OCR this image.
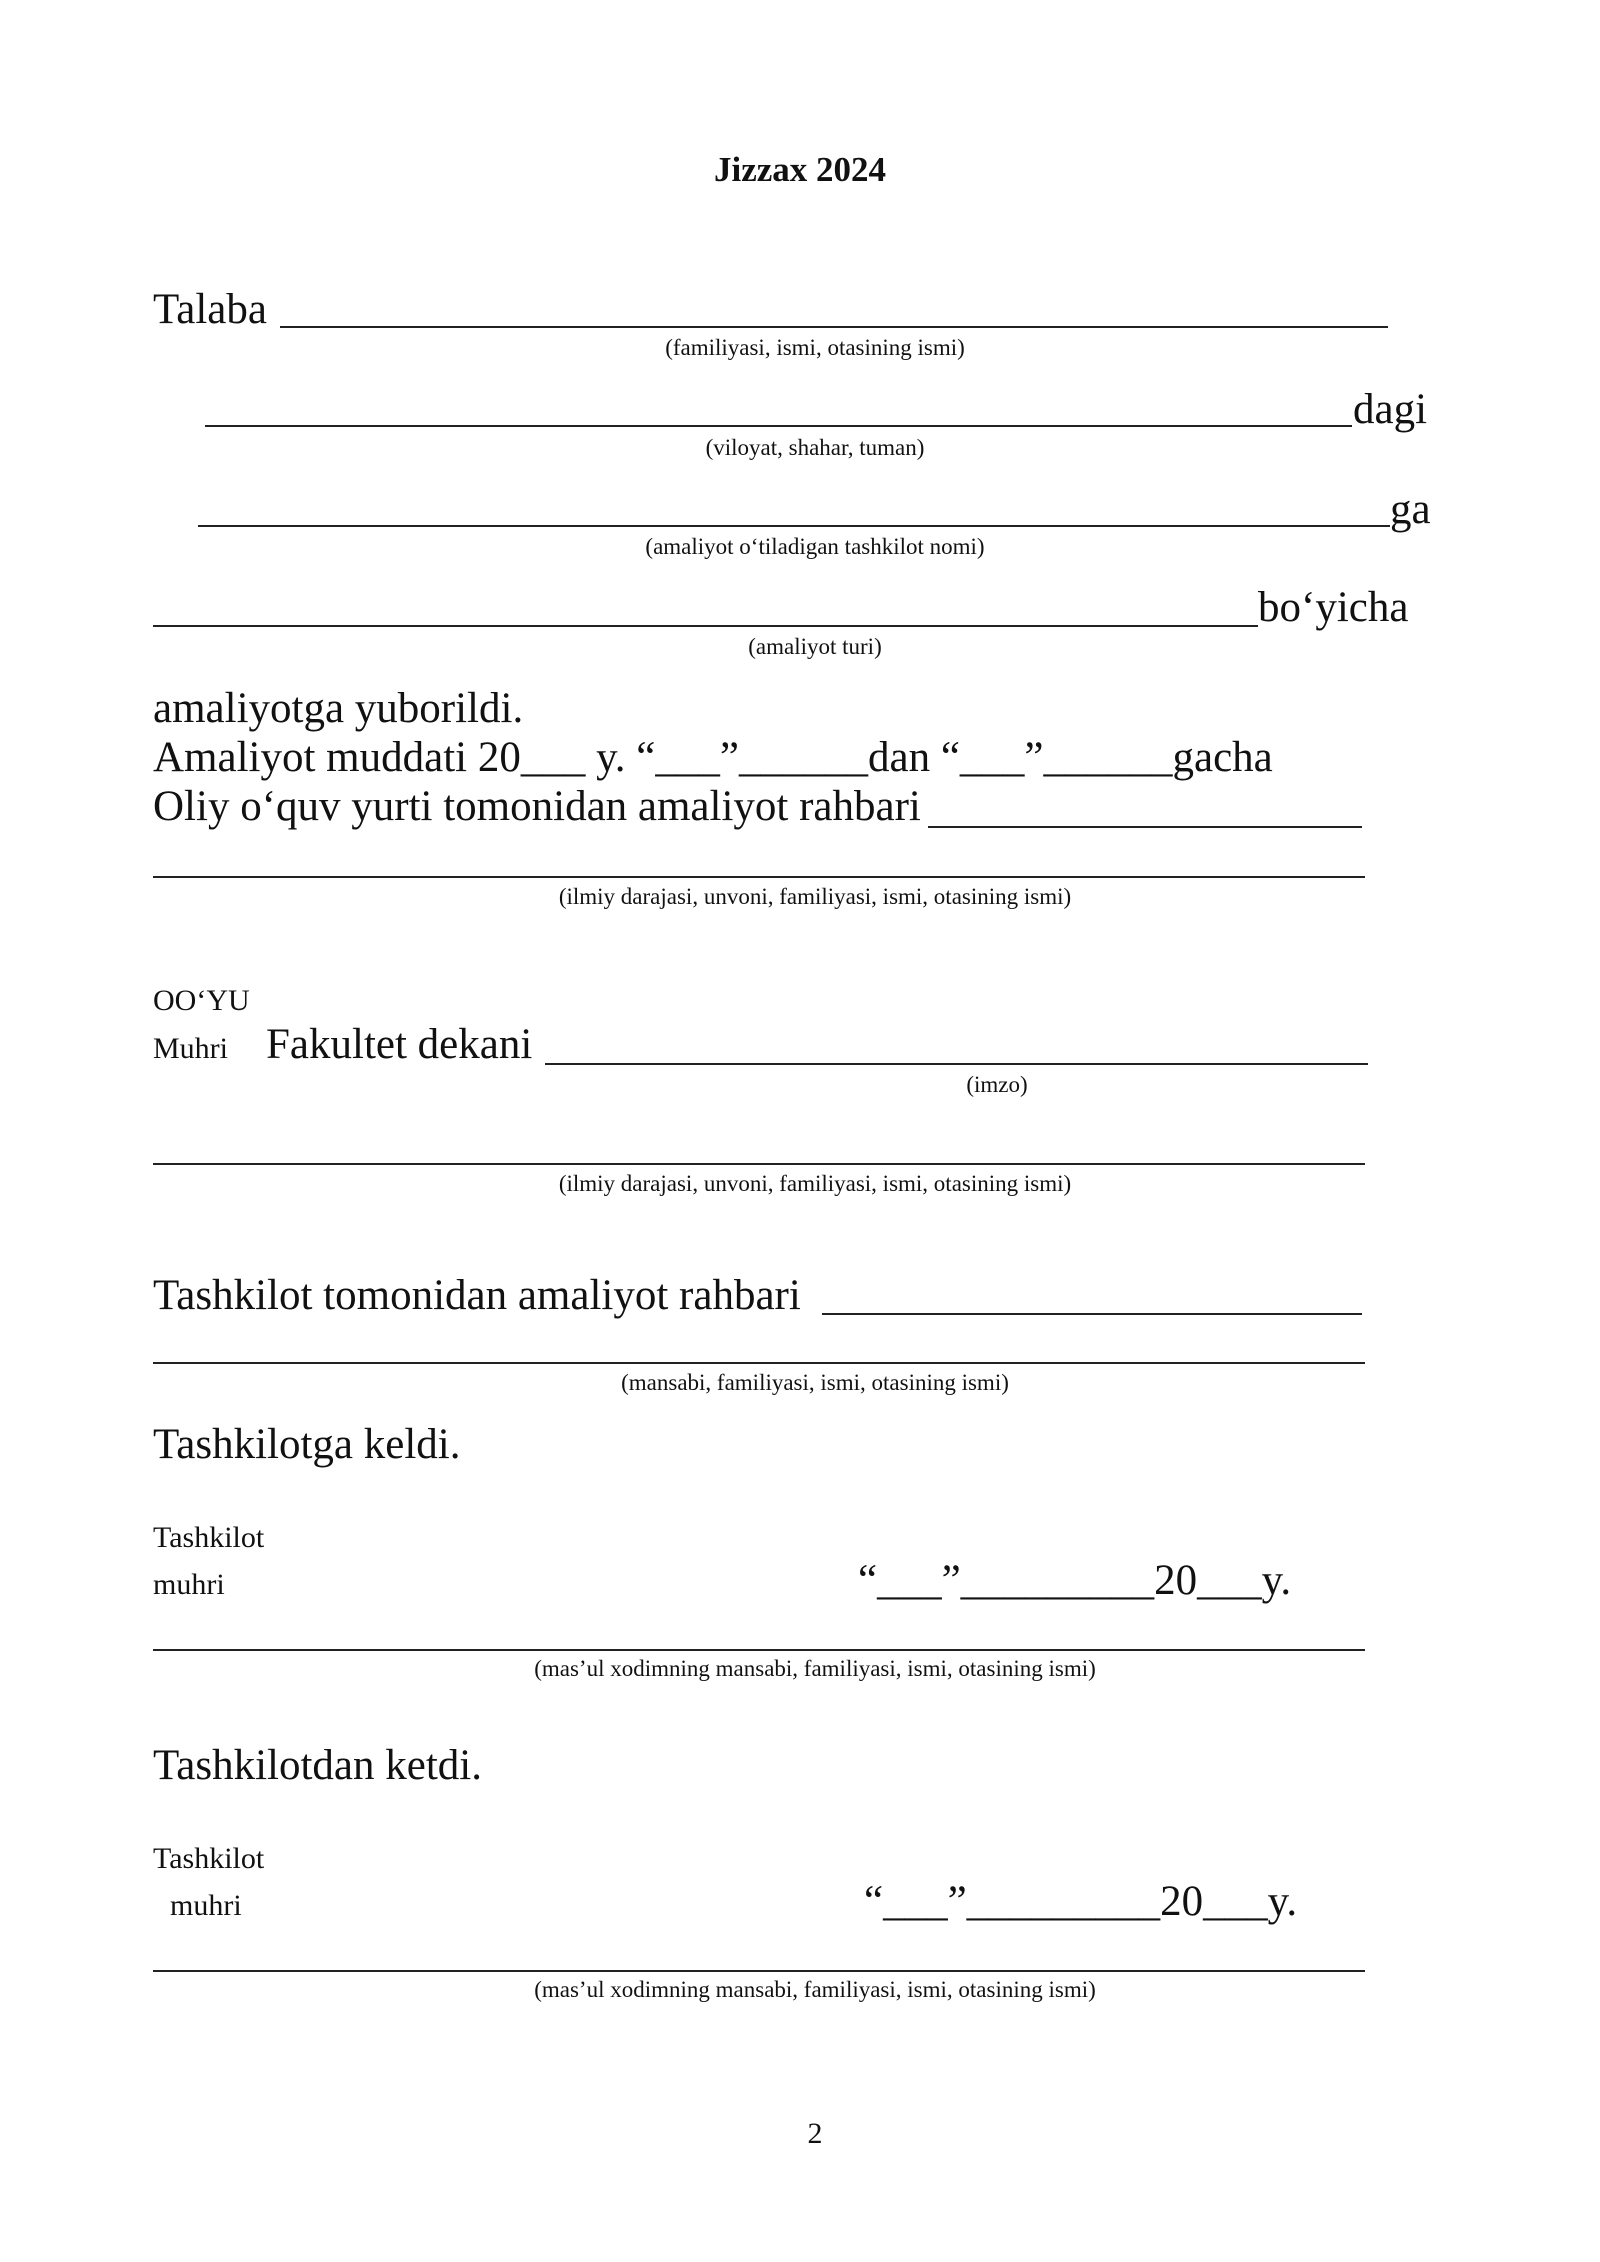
Jizzax 2024
Talaba
(familiyasi, ismi, otasining ismi)
dagi
(viloyat, shahar, tuman)
ga
(amaliyot o‘tiladigan tashkilot nomi)
bo‘yicha
(amaliyot turi)
amaliyotga yuborildi.
Amaliyot muddati 20___ y. “___”______dan “___”______gacha
Oliy o‘quv yurti tomonidan amaliyot rahbari
(ilmiy darajasi, unvoni, familiyasi, ismi, otasining ismi)
OO‘YU
Muhri Fakultet dekani
(imzo)
(ilmiy darajasi, unvoni, familiyasi, ismi, otasining ismi)
Tashkilot tomonidan amaliyot rahbari
(mansabi, familiyasi, ismi, otasining ismi)
Tashkilotga keldi.
Tashkilot
muhri	“___”_________20___y.
(mas’ul xodimning mansabi, familiyasi, ismi, otasining ismi)
Tashkilotdan ketdi.
Tashkilot
muhri	“___”_________20___y.
(mas’ul xodimning mansabi, familiyasi, ismi, otasining ismi)
2
